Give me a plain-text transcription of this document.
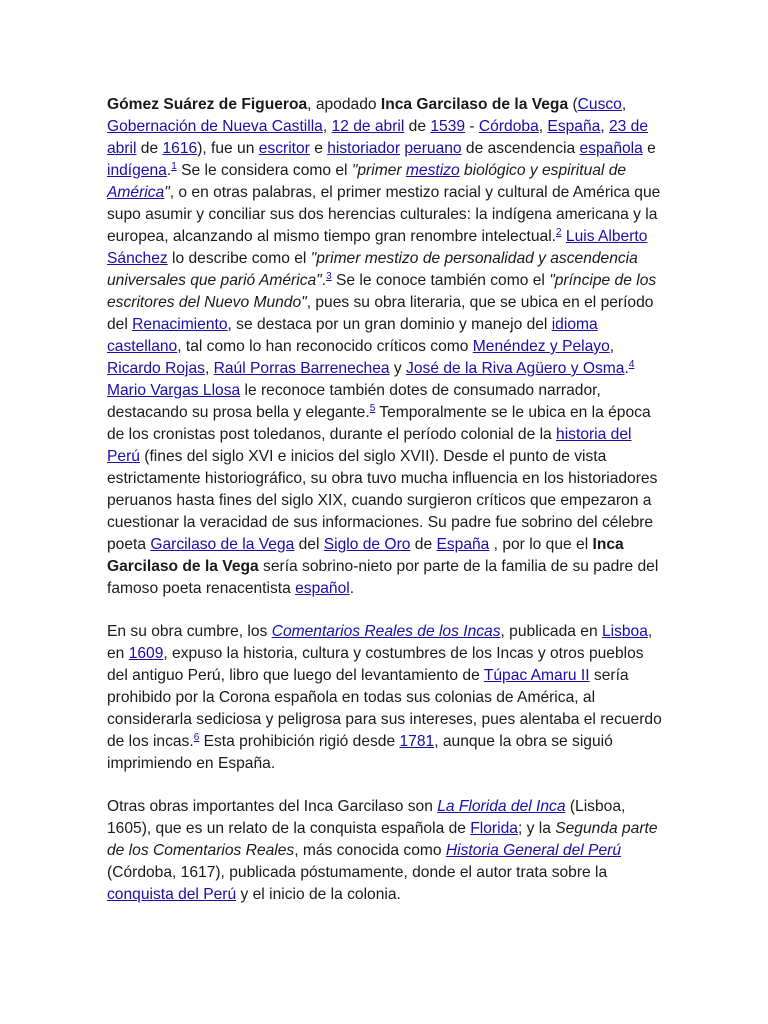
Gómez Suárez de Figueroa, apodado Inca Garcilaso de la Vega (Cusco, Gobernación de Nueva Castilla, 12 de abril de 1539 - Córdoba, España, 23 de abril de 1616), fue un escritor e historiador peruano de ascendencia española e indígena.$^1$ Se le considera como el "primer mestizo biológico y espiritual de América", o en otras palabras, el primer mestizo racial y cultural de América que supo asumir y conciliar sus dos herencias culturales: la indígena americana y la europea, alcanzando al mismo tiempo gran renombre intelectual.$^2$ Luis Alberto Sánchez lo describe como el "primer mestizo de personalidad y ascendencia universales que parió América".$^3$ Se le conoce también como el "príncipe de los escritores del Nuevo Mundo", pues su obra literaria, que se ubica en el período del Renacimiento, se destaca por un gran dominio y manejo del idioma castellano, tal como lo han reconocido críticos como Menéndez y Pelayo, Ricardo Rojas, Raúl Porras Barrenechea y José de la Riva Agüero y Osma.$^4$ Mario Vargas Llosa le reconoce también dotes de consumado narrador, destacando su prosa bella y elegante.$^5$ Temporalmente se le ubica en la época de los cronistas post toledanos, durante el período colonial de la historia del Perú (fines del siglo XVI e inicios del siglo XVII). Desde el punto de vista estrictamente historiográfico, su obra tuvo mucha influencia en los historiadores peruanos hasta fines del siglo XIX, cuando surgieron críticos que empezaron a cuestionar la veracidad de sus informaciones. Su padre fue sobrino del célebre poeta Garcilaso de la Vega del Siglo de Oro de España , por lo que el Inca Garcilaso de la Vega sería sobrino-nieto por parte de la familia de su padre del famoso poeta renacentista español.

En su obra cumbre, los Comentarios Reales de los Incas, publicada en Lisboa, en 1609, expuso la historia, cultura y costumbres de los Incas y otros pueblos del antiguo Perú, libro que luego del levantamiento de Túpac Amaru II sería prohibido por la Corona española en todas sus colonias de América, al considerarla sediciosa y peligrosa para sus intereses, pues alentaba el recuerdo de los incas.$^6$ Esta prohibición rigió desde 1781, aunque la obra se siguió imprimiendo en España.

Otras obras importantes del Inca Garcilaso son La Florida del Inca (Lisboa, 1605), que es un relato de la conquista española de Florida; y la Segunda parte de los Comentarios Reales, más conocida como Historia General del Perú (Córdoba, 1617), publicada póstumamente, donde el autor trata sobre la conquista del Perú y el inicio de la colonia.
